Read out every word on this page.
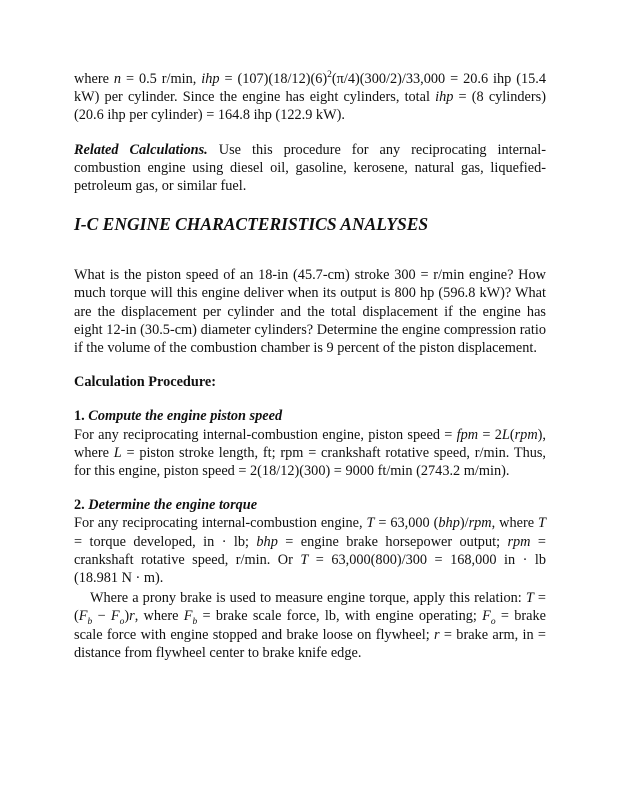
where n = 0.5 r/min, ihp = $(107)(18/12)(6)^2(\pi/4)(300/2)/33,000 = 20.6$ ihp (15.4 kW) per cylinder. Since the engine has eight cylinders, total ihp = (8 cylinders) (20.6 ihp per cylinder) = 164.8 ihp (122.9 kW).

Related Calculations. Use this procedure for any reciprocating internal-combustion engine using diesel oil, gasoline, kerosene, natural gas, liquefied-petroleum gas, or similar fuel.

I-C ENGINE CHARACTERISTICS ANALYSES

What is the piston speed of an 18-in (45.7-cm) stroke 300 = r/min engine? How much torque will this engine deliver when its output is 800 hp (596.8 kW)? What are the displacement per cylinder and the total displacement if the engine has eight 12-in (30.5-cm) diameter cylinders? Determine the engine compression ratio if the volume of the combustion chamber is 9 percent of the piston displacement.

Calculation Procedure:

1. Compute the engine piston speed

For any reciprocating internal-combustion engine, piston speed = fpm = 2L(rpm), where L = piston stroke length, ft; rpm = crankshaft rotative speed, r/min. Thus, for this engine, piston speed = 2(18/12)(300) = 9000 ft/min (2743.2 m/min).

2. Determine the engine torque

For any reciprocating internal-combustion engine, T = 63,000 (bhp)/rpm, where T = torque developed, in · lb; bhp = engine brake horsepower output; rpm = crankshaft rotative speed, r/min. Or T = 63,000(800)/300 = 168,000 in · lb (18.981 N · m).

Where a prony brake is used to measure engine torque, apply this relation: $T = (F_b - F_o)r$, where $F_b$ = brake scale force, lb, with engine operating; $F_o$ = brake scale force with engine stopped and brake loose on flywheel; r = brake arm, in = distance from flywheel center to brake knife edge.
